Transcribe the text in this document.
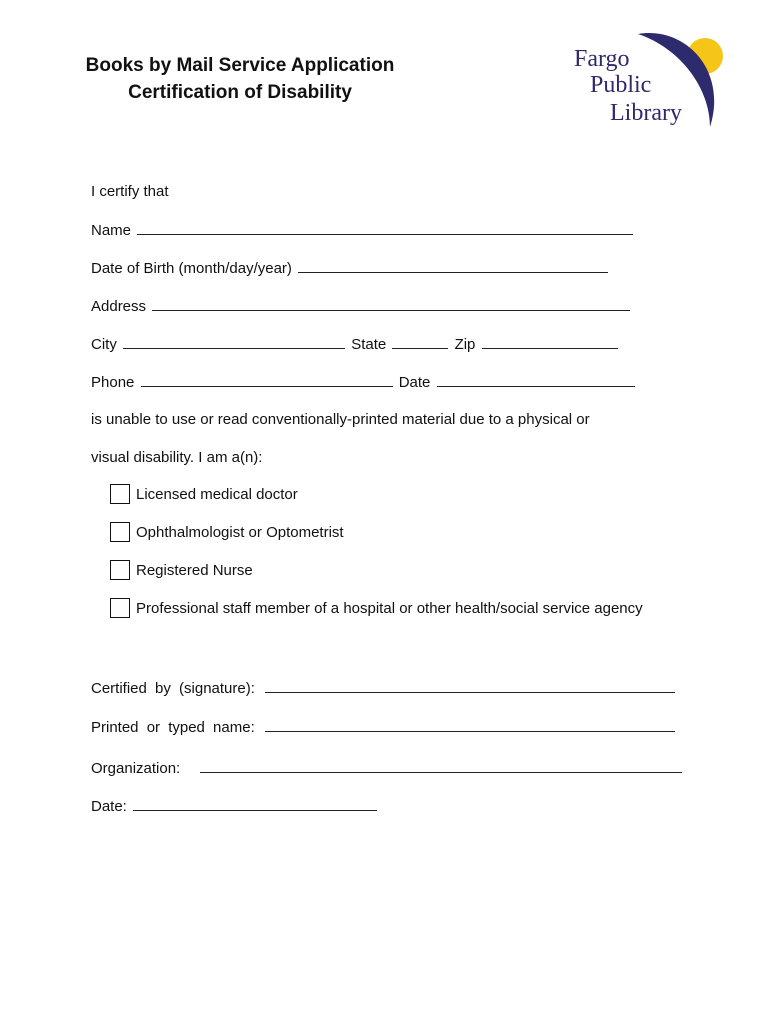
Books by Mail Service Application
Certification of Disability
Fargo
Public
Library
I certify that
Name
Date of Birth (month/day/year)
Address
City	State	Zip
Phone	Date
is unable to use or read conventionally-printed material due to a physical or
visual disability. I am a(n):
Licensed medical doctor
Ophthalmologist or Optometrist
Registered Nurse
Professional staff member of a hospital or other health/social service agency
Certified by (signature):
Printed or typed name:
Organization:
Date:
